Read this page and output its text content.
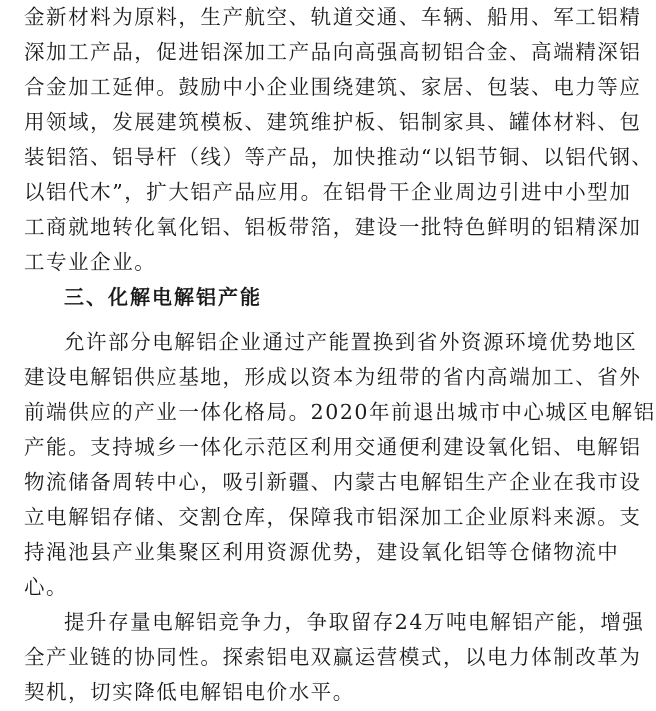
金新材料为原料，生产航空、轨道交通、车辆、船用、军工铝精
深加工产品，促进铝深加工产品向高强高韧铝合金、高端精深铝
合金加工延伸。鼓励中小企业围绕建筑、家居、包装、电力等应
用领域，发展建筑模板、建筑维护板、铝制家具、罐体材料、包
装铝箔、铝导杆（线）等产品，加快推动“以铝节铜、以铝代钢、
以铝代木”，扩大铝产品应用。在铝骨干企业周边引进中小型加
工商就地转化氧化铝、铝板带箔，建设一批特色鲜明的铝精深加
工专业企业。
三、化解电解铝产能
允许部分电解铝企业通过产能置换到省外资源环境优势地区
建设电解铝供应基地，形成以资本为纽带的省内高端加工、省外
前端供应的产业一体化格局。2020年前退出城市中心城区电解铝
产能。支持城乡一体化示范区利用交通便利建设氧化铝、电解铝
物流储备周转中心，吸引新疆、内蒙古电解铝生产企业在我市设
立电解铝存储、交割仓库，保障我市铝深加工企业原料来源。支
持渑池县产业集聚区利用资源优势，建设氧化铝等仓储物流中
心。
提升存量电解铝竞争力，争取留存24万吨电解铝产能，增强
全产业链的协同性。探索铝电双赢运营模式，以电力体制改革为
契机，切实降低电解铝电价水平。
